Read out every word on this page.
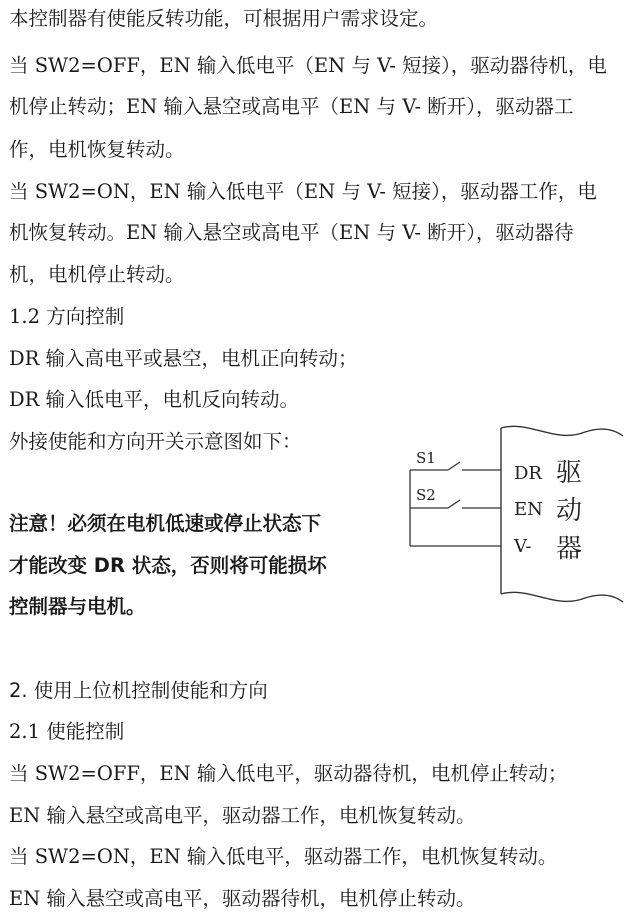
本控制器有使能反转功能，可根据用户需求设定。
当 SW2=OFF，EN 输入低电平（EN 与 V- 短接），驱动器待机，电
机停止转动；EN 输入悬空或高电平（EN 与 V- 断开），驱动器工
作，电机恢复转动。
当 SW2=ON，EN 输入低电平（EN 与 V- 短接），驱动器工作，电
机恢复转动。EN 输入悬空或高电平（EN 与 V- 断开），驱动器待
机，电机停止转动。
1.2 方向控制
DR 输入高电平或悬空，电机正向转动；
DR 输入低电平，电机反向转动。
外接使能和方向开关示意图如下：
注意！必须在电机低速或停止状态下
才能改变 DR 状态，否则将可能损坏
控制器与电机。
S1
S2
DR
EN
V-
驱
动
器
2. 使用上位机控制使能和方向
2.1 使能控制
当 SW2=OFF，EN 输入低电平，驱动器待机，电机停止转动；
EN 输入悬空或高电平，驱动器工作，电机恢复转动。
当 SW2=ON，EN 输入低电平，驱动器工作，电机恢复转动。
EN 输入悬空或高电平，驱动器待机，电机停止转动。
